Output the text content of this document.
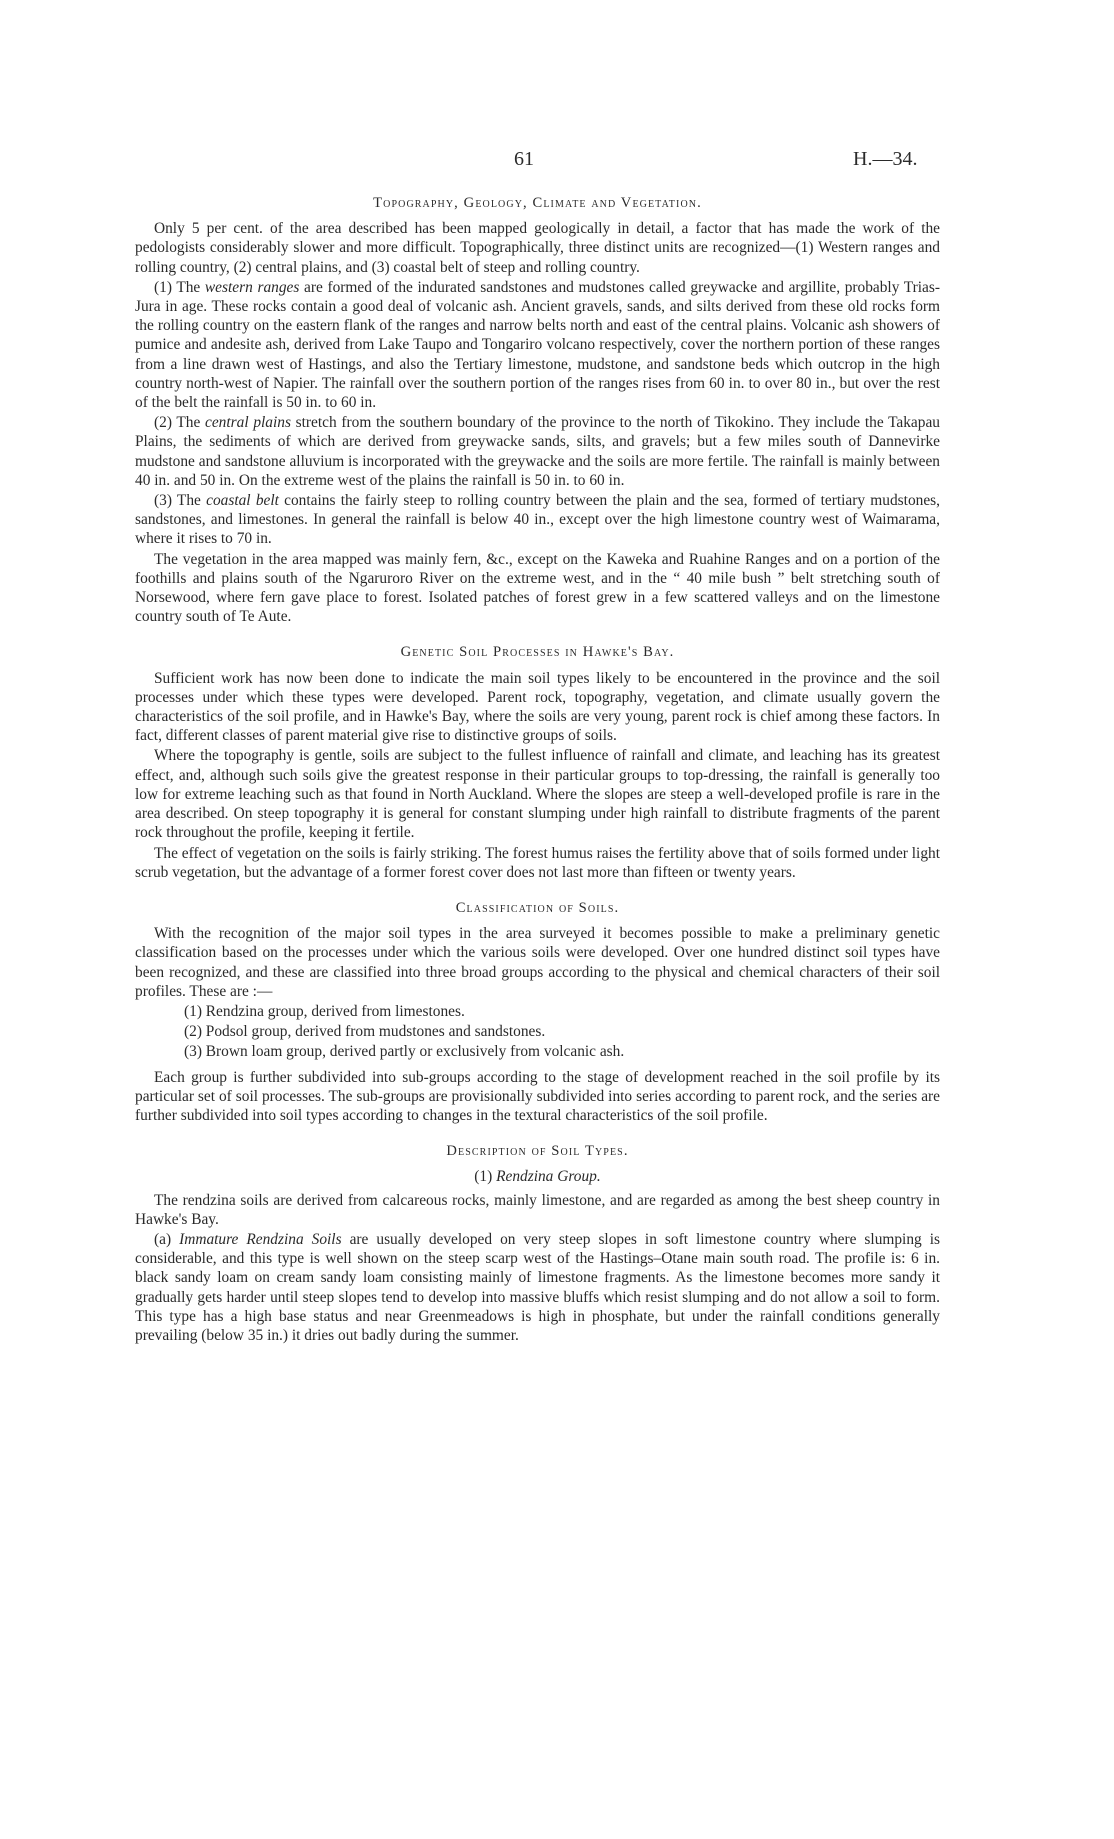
61	H.—34.
Topography, Geology, Climate and Vegetation.

Only 5 per cent. of the area described has been mapped geologically in detail, a factor that has made the work of the pedologists considerably slower and more difficult. Topographically, three distinct units are recognized—(1) Western ranges and rolling country, (2) central plains, and (3) coastal belt of steep and rolling country.

(1) The western ranges are formed of the indurated sandstones and mudstones called greywacke and argillite, probably Trias-Jura in age. These rocks contain a good deal of volcanic ash. Ancient gravels, sands, and silts derived from these old rocks form the rolling country on the eastern flank of the ranges and narrow belts north and east of the central plains. Volcanic ash showers of pumice and andesite ash, derived from Lake Taupo and Tongariro volcano respectively, cover the northern portion of these ranges from a line drawn west of Hastings, and also the Tertiary limestone, mudstone, and sandstone beds which outcrop in the high country north-west of Napier. The rainfall over the southern portion of the ranges rises from 60 in. to over 80 in., but over the rest of the belt the rainfall is 50 in. to 60 in.

(2) The central plains stretch from the southern boundary of the province to the north of Tikokino. They include the Takapau Plains, the sediments of which are derived from greywacke sands, silts, and gravels; but a few miles south of Dannevirke mudstone and sandstone alluvium is incorporated with the greywacke and the soils are more fertile. The rainfall is mainly between 40 in. and 50 in. On the extreme west of the plains the rainfall is 50 in. to 60 in.

(3) The coastal belt contains the fairly steep to rolling country between the plain and the sea, formed of tertiary mudstones, sandstones, and limestones. In general the rainfall is below 40 in., except over the high limestone country west of Waimarama, where it rises to 70 in.

The vegetation in the area mapped was mainly fern, &c., except on the Kaweka and Ruahine Ranges and on a portion of the foothills and plains south of the Ngaruroro River on the extreme west, and in the “ 40 mile bush ” belt stretching south of Norsewood, where fern gave place to forest. Isolated patches of forest grew in a few scattered valleys and on the limestone country south of Te Aute.

Genetic Soil Processes in Hawke's Bay.

Sufficient work has now been done to indicate the main soil types likely to be encountered in the province and the soil processes under which these types were developed. Parent rock, topography, vegetation, and climate usually govern the characteristics of the soil profile, and in Hawke's Bay, where the soils are very young, parent rock is chief among these factors. In fact, different classes of parent material give rise to distinctive groups of soils.

Where the topography is gentle, soils are subject to the fullest influence of rainfall and climate, and leaching has its greatest effect, and, although such soils give the greatest response in their particular groups to top-dressing, the rainfall is generally too low for extreme leaching such as that found in North Auckland. Where the slopes are steep a well-developed profile is rare in the area described. On steep topography it is general for constant slumping under high rainfall to distribute fragments of the parent rock throughout the profile, keeping it fertile.

The effect of vegetation on the soils is fairly striking. The forest humus raises the fertility above that of soils formed under light scrub vegetation, but the advantage of a former forest cover does not last more than fifteen or twenty years.

Classification of Soils.

With the recognition of the major soil types in the area surveyed it becomes possible to make a preliminary genetic classification based on the processes under which the various soils were developed. Over one hundred distinct soil types have been recognized, and these are classified into three broad groups according to the physical and chemical characters of their soil profiles. These are :—

(1) Rendzina group, derived from limestones.
(2) Podsol group, derived from mudstones and sandstones.
(3) Brown loam group, derived partly or exclusively from volcanic ash.

Each group is further subdivided into sub-groups according to the stage of development reached in the soil profile by its particular set of soil processes. The sub-groups are provisionally subdivided into series according to parent rock, and the series are further subdivided into soil types according to changes in the textural characteristics of the soil profile.

Description of Soil Types.
(1) Rendzina Group.

The rendzina soils are derived from calcareous rocks, mainly limestone, and are regarded as among the best sheep country in Hawke's Bay.

(a) Immature Rendzina Soils are usually developed on very steep slopes in soft limestone country where slumping is considerable, and this type is well shown on the steep scarp west of the Hastings–Otane main south road. The profile is: 6 in. black sandy loam on cream sandy loam consisting mainly of limestone fragments. As the limestone becomes more sandy it gradually gets harder until steep slopes tend to develop into massive bluffs which resist slumping and do not allow a soil to form. This type has a high base status and near Greenmeadows is high in phosphate, but under the rainfall conditions generally prevailing (below 35 in.) it dries out badly during the summer.
